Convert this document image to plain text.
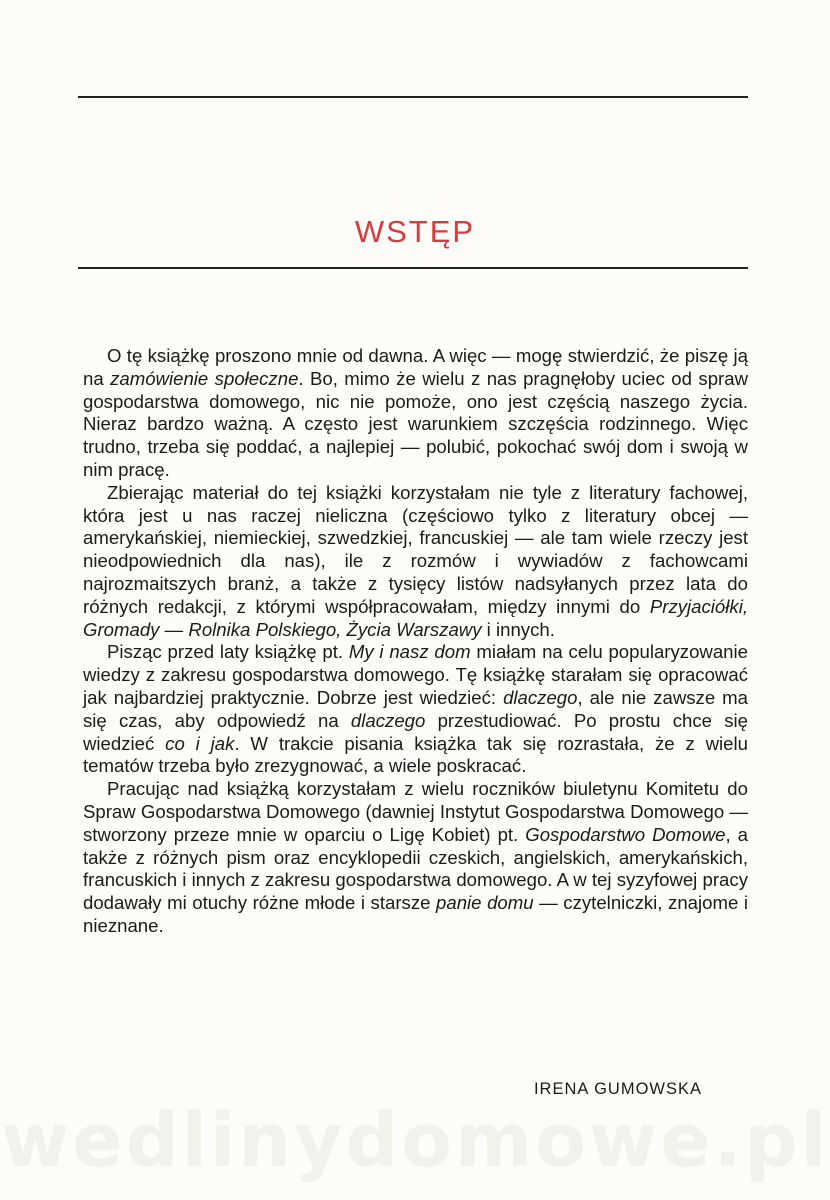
WSTĘP

O tę książkę proszono mnie od dawna. A więc — mogę stwierdzić, że piszę ją na zamówienie społeczne. Bo, mimo że wielu z nas pragnęłoby uciec od spraw gospodarstwa domowego, nic nie pomoże, ono jest częścią naszego życia. Nieraz bardzo ważną. A często jest warunkiem szczęścia rodzinnego. Więc trudno, trzeba się poddać, a najlepiej — polubić, pokochać swój dom i swoją w nim pracę.

Zbierając materiał do tej książki korzystałam nie tyle z literatury fachowej, która jest u nas raczej nieliczna (częściowo tylko z literatury obcej — amerykańskiej, niemieckiej, szwedzkiej, francuskiej — ale tam wiele rzeczy jest nieodpowiednich dla nas), ile z rozmów i wywiadów z fachowcami najrozmaitszych branż, a także z tysięcy listów nadsyłanych przez lata do różnych redakcji, z którymi współpracowałam, między innymi do Przyjaciółki, Gromady — Rolnika Polskiego, Życia Warszawy i innych.

Pisząc przed laty książkę pt. My i nasz dom miałam na celu popularyzowanie wiedzy z zakresu gospodarstwa domowego. Tę książkę starałam się opracować jak najbardziej praktycznie. Dobrze jest wiedzieć: dlaczego, ale nie zawsze ma się czas, aby odpowiedź na dlaczego przestudiować. Po prostu chce się wiedzieć co i jak. W trakcie pisania książka tak się rozrastała, że z wielu tematów trzeba było zrezygnować, a wiele poskracać.

Pracując nad książką korzystałam z wielu roczników biuletynu Komitetu do Spraw Gospodarstwa Domowego (dawniej Instytut Gospodarstwa Domowego — stworzony przeze mnie w oparciu o Ligę Kobiet) pt. Gospodarstwo Domowe, a także z różnych pism oraz encyklopedii czeskich, angielskich, amerykańskich, francuskich i innych z zakresu gospodarstwa domowego. A w tej syzyfowej pracy dodawały mi otuchy różne młode i starsze panie domu — czytelniczki, znajome i nieznane.

IRENA GUMOWSKA
wedlinydomowe.pl
